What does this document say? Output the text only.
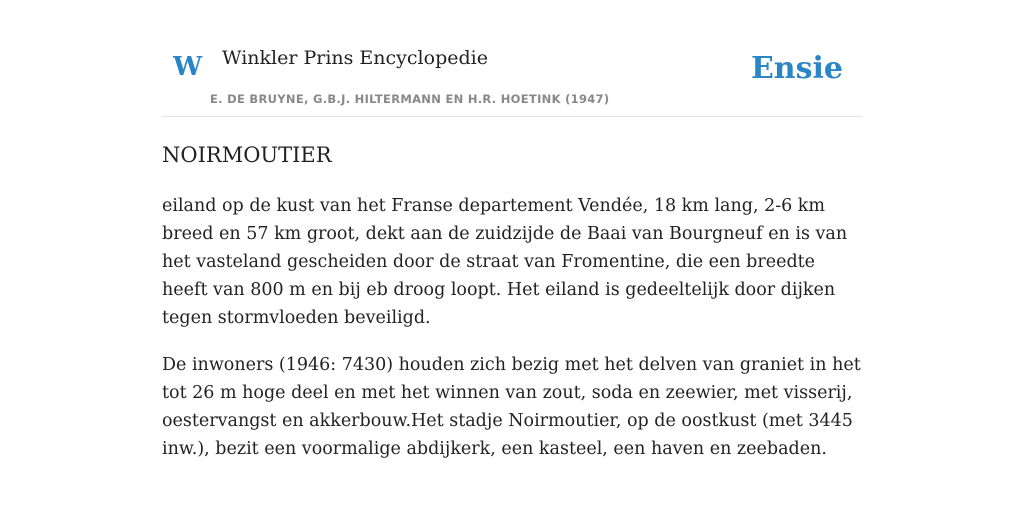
W Winkler Prins Encyclopedie
E. DE BRUYNE, G.B.J. HILTERMANN EN H.R. HOETINK (1947)
Ensie
NOIRMOUTIER

eiland op de kust van het Franse departement Vendée, 18 km lang, 2-6 km breed en 57 km groot, dekt aan de zuidzijde de Baai van Bourgneuf en is van het vasteland gescheiden door de straat van Fromentine, die een breedte heeft van 800 m en bij eb droog loopt. Het eiland is gedeeltelijk door dijken tegen stormvloeden beveiligd.

De inwoners (1946: 7430) houden zich bezig met het delven van graniet in het tot 26 m hoge deel en met het winnen van zout, soda en zeewier, met visserij, oestervangst en akkerbouw.Het stadje Noirmoutier, op de oostkust (met 3445 inw.), bezit een voormalige abdijkerk, een kasteel, een haven en zeebaden.
